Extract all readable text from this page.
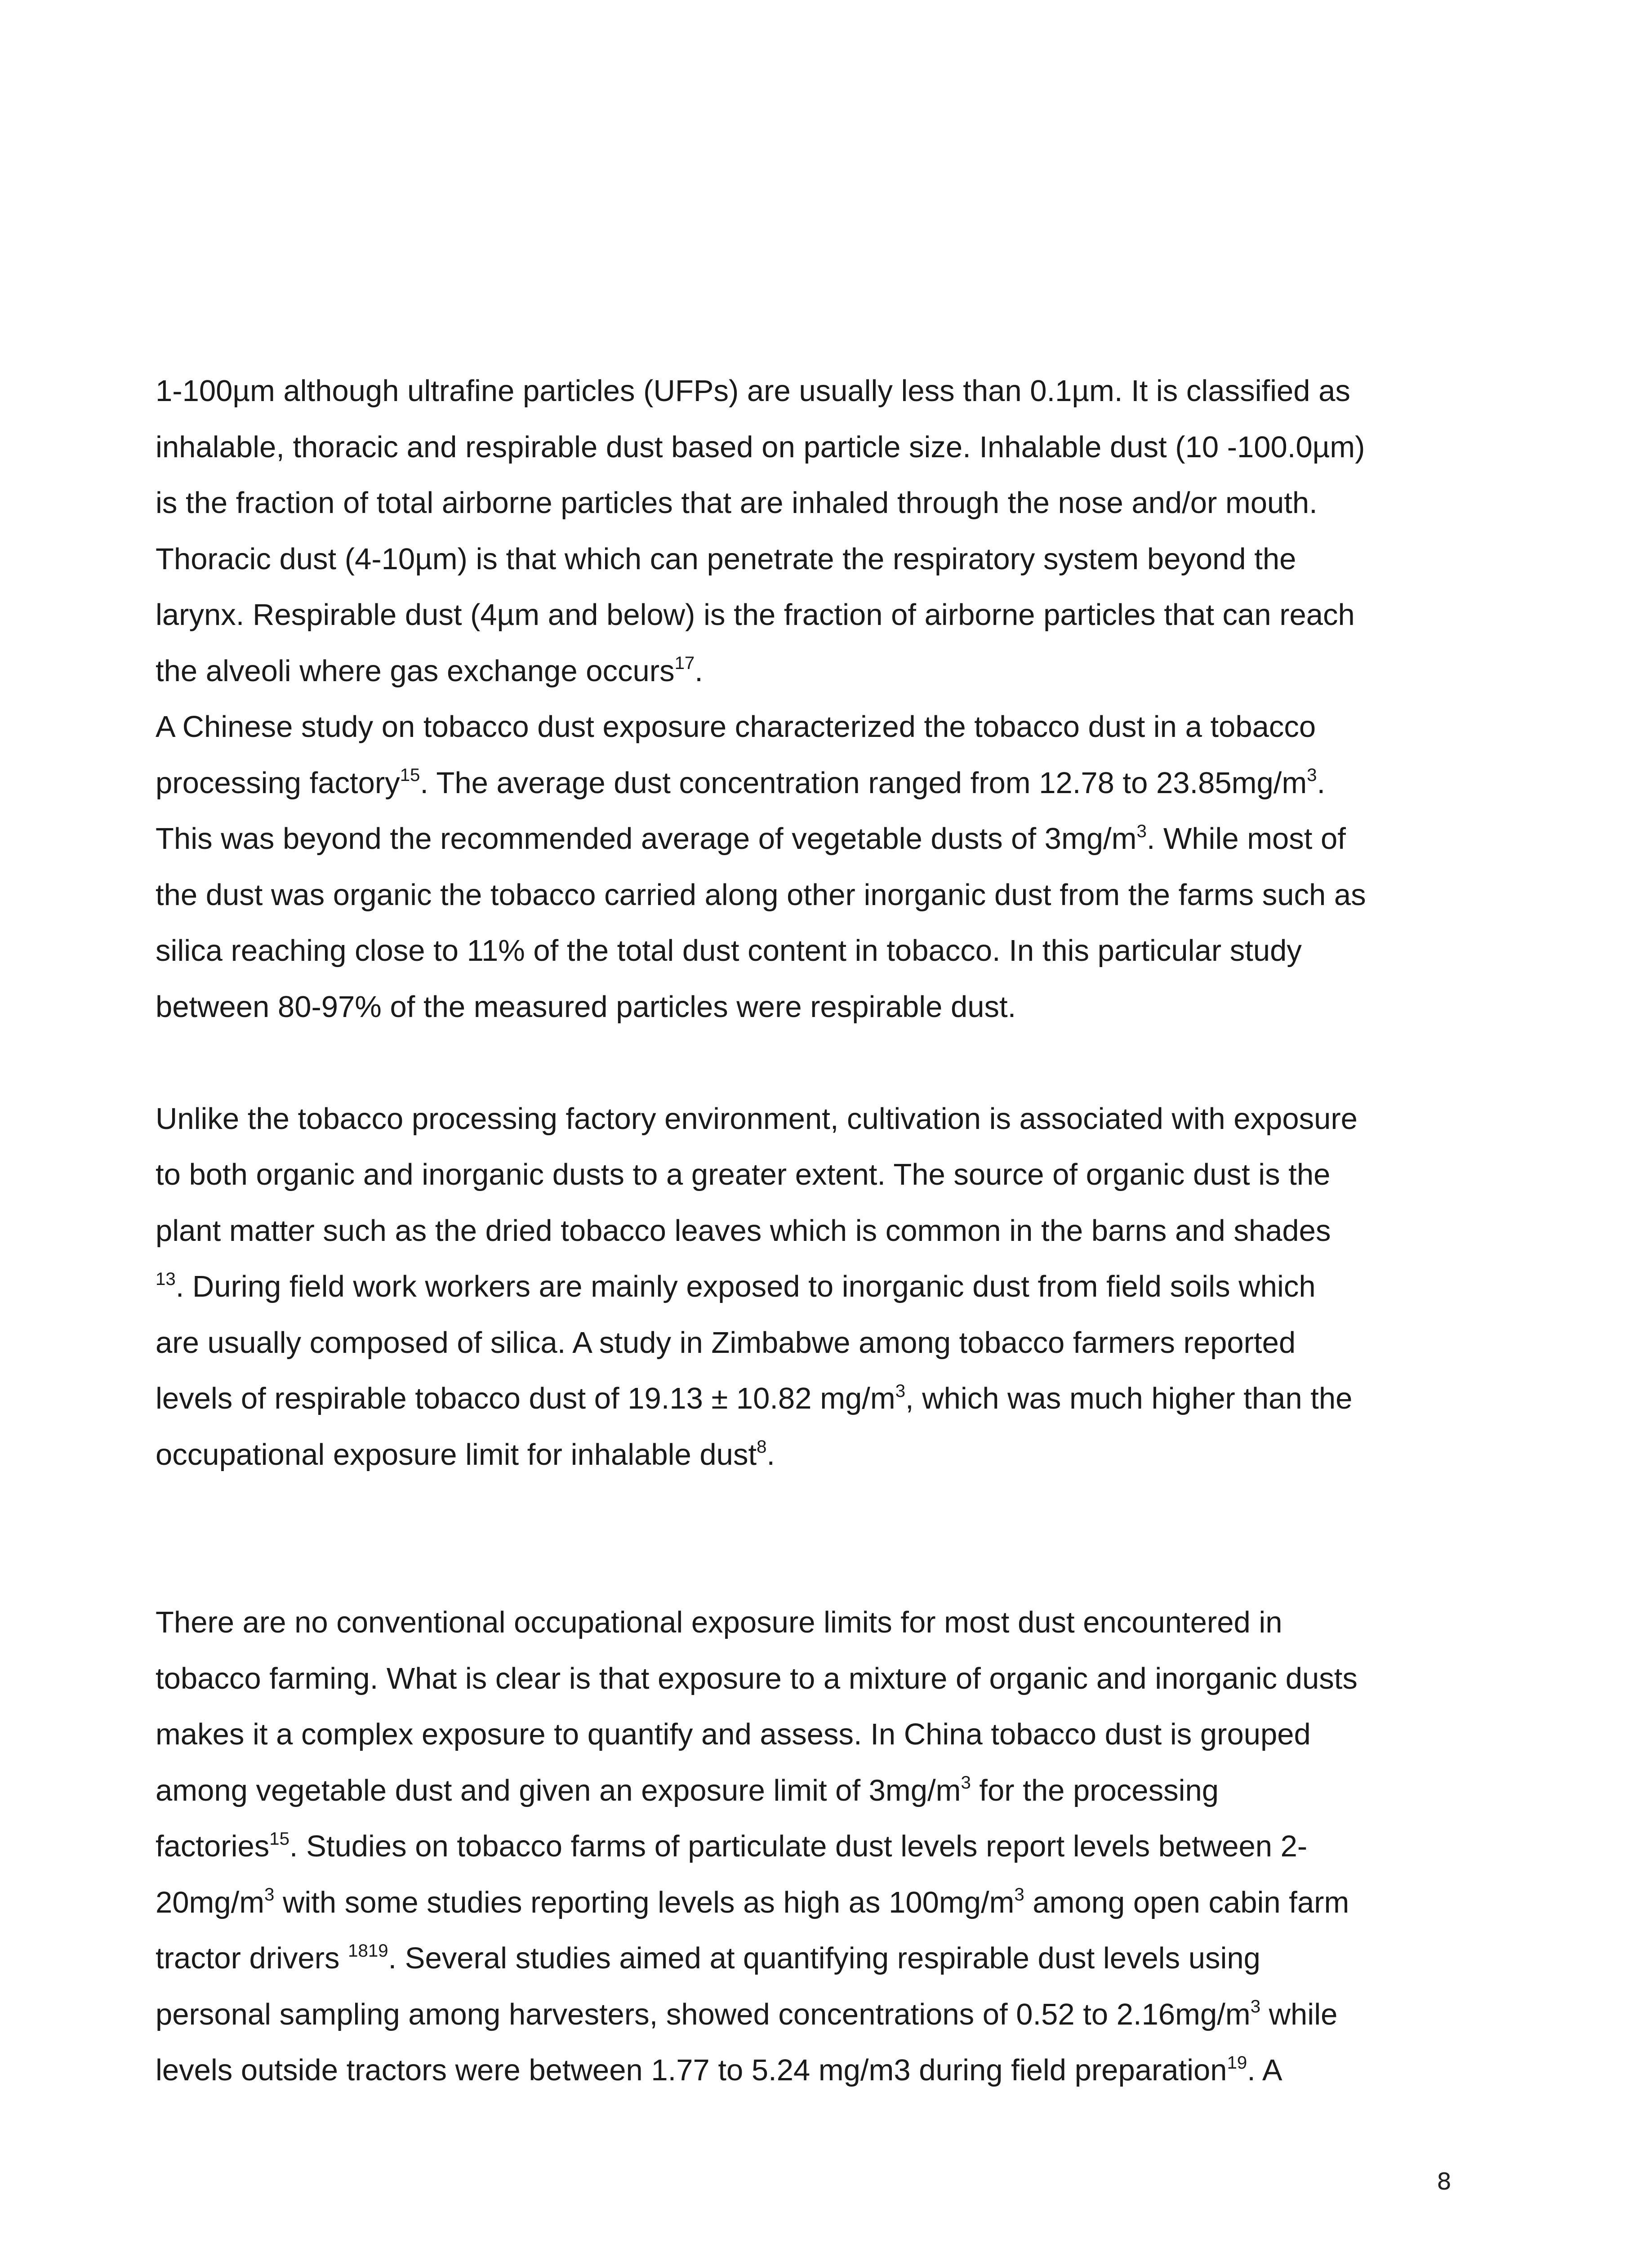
1-100µm although ultrafine particles (UFPs) are usually less than 0.1µm. It is classified as
inhalable, thoracic and respirable dust based on particle size. Inhalable dust (10 -100.0µm)
is the fraction of total airborne particles that are inhaled through the nose and/or mouth.
Thoracic dust (4-10µm) is that which can penetrate the respiratory system beyond the
larynx. Respirable dust (4µm and below) is the fraction of airborne particles that can reach
the alveoli where gas exchange occurs$^{17}$.
A Chinese study on tobacco dust exposure characterized the tobacco dust in a tobacco
processing factory$^{15}$. The average dust concentration ranged from 12.78 to $23.85mg/m^3$.
This was beyond the recommended average of vegetable dusts of $3mg/m^3$. While most of
the dust was organic the tobacco carried along other inorganic dust from the farms such as
silica reaching close to 11% of the total dust content in tobacco. In this particular study
between 80-97% of the measured particles were respirable dust.
Unlike the tobacco processing factory environment, cultivation is associated with exposure
to both organic and inorganic dusts to a greater extent. The source of organic dust is the
plant matter such as the dried tobacco leaves which is common in the barns and shades
$^{13}$. During field work workers are mainly exposed to inorganic dust from field soils which
are usually composed of silica. A study in Zimbabwe among tobacco farmers reported
levels of respirable tobacco dust of 19.13 ± 10.82 $mg/m^3$, which was much higher than the
occupational exposure limit for inhalable dust$^8$.
There are no conventional occupational exposure limits for most dust encountered in
tobacco farming. What is clear is that exposure to a mixture of organic and inorganic dusts
makes it a complex exposure to quantify and assess. In China tobacco dust is grouped
among vegetable dust and given an exposure limit of $3mg/m^3$ for the processing
factories$^{15}$. Studies on tobacco farms of particulate dust levels report levels between 2-
$20mg/m^3$ with some studies reporting levels as high as $100mg/m^3$ among open cabin farm
tractor drivers $^{1819}$. Several studies aimed at quantifying respirable dust levels using
personal sampling among harvesters, showed concentrations of 0.52 to $2.16mg/m^3$ while
levels outside tractors were between 1.77 to 5.24 mg/m3 during field preparation$^{19}$. A
8
